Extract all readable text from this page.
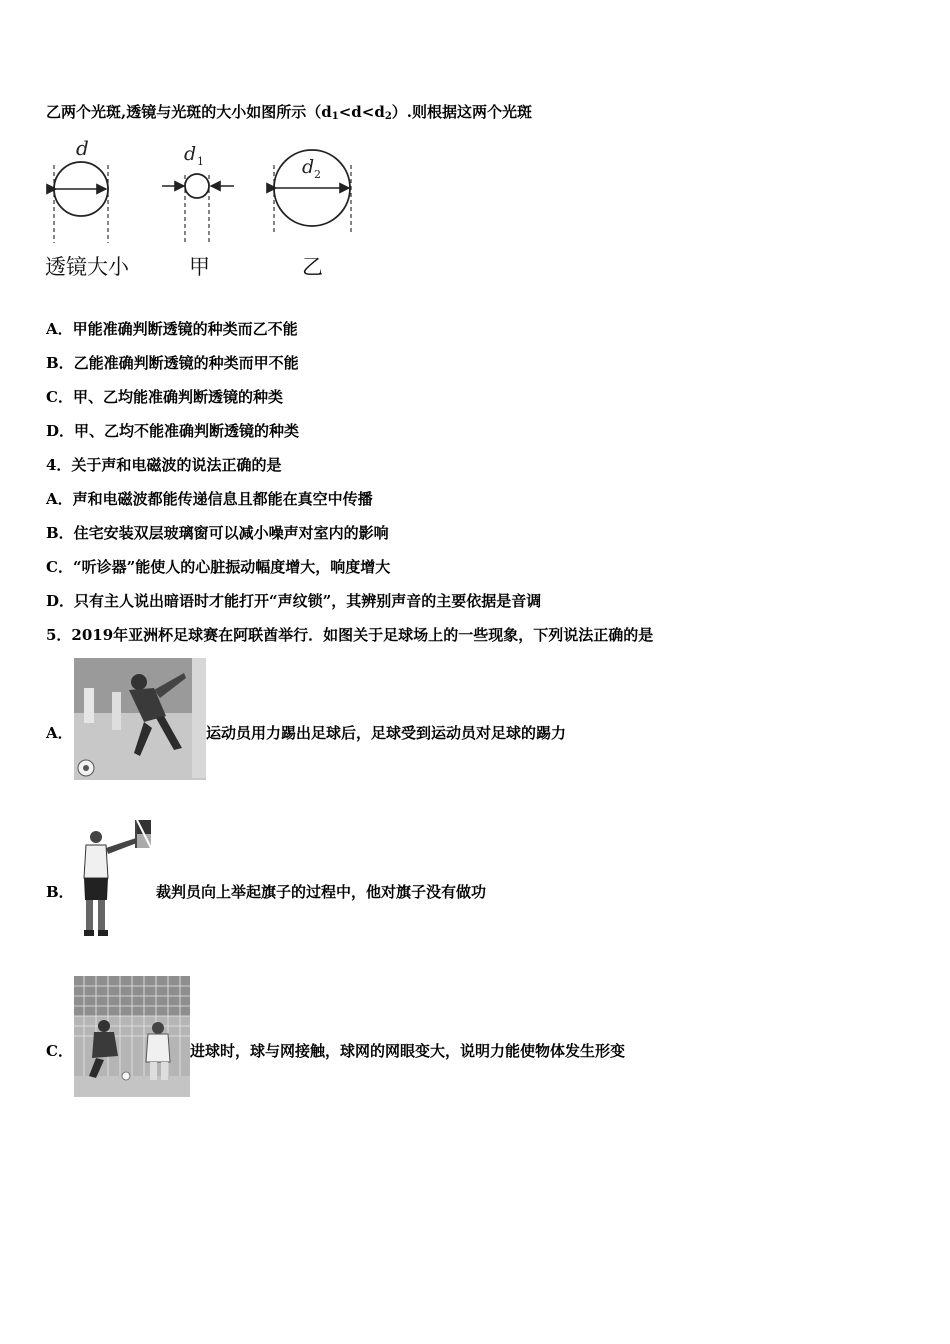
乙两个光斑,透镜与光斑的大小如图所示$(d_1<d<d_2)$.则根据这两个光斑
d	d 1	d 2
透镜大小	甲	乙
A．甲能准确判断透镜的种类而乙不能
B．乙能准确判断透镜的种类而甲不能
C．甲、乙均能准确判断透镜的种类
D．甲、乙均不能准确判断透镜的种类
4．关于声和电磁波的说法正确的是
A．声和电磁波都能传递信息且都能在真空中传播
B．住宅安装双层玻璃窗可以减小噪声对室内的影响
C．“听诊器”能使人的心脏振动幅度增大，响度增大
D．只有主人说出暗语时才能打开“声纹锁”，其辨别声音的主要依据是音调
5．2019年亚洲杯足球赛在阿联酋举行．如图关于足球场上的一些现象，下列说法正确的是
A．	运动员用力踢出足球后，足球受到运动员对足球的踢力
B．	裁判员向上举起旗子的过程中，他对旗子没有做功
C．	进球时，球与网接触，球网的网眼变大，说明力能使物体发生形变
